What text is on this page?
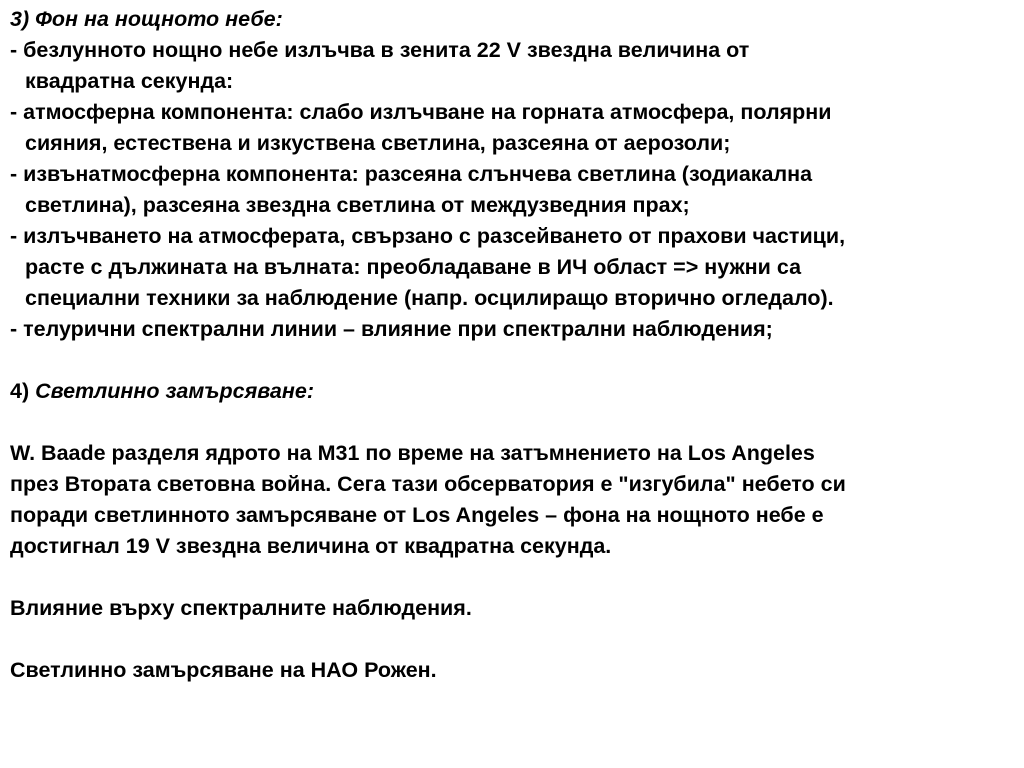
3) Фон на нощното небе:
- безлунното нощно небе излъчва в зенита 22 V звездна величина от
квадратна секунда:
- атмосферна компонента: слабо излъчване на горната атмосфера, полярни
сияния, естествена и изкуствена светлина, разсеяна от аерозоли;
- извънатмосферна компонента: разсеяна слънчева светлина (зодиакална
светлина), разсеяна звездна светлина от междузведния прах;
- излъчването на атмосферата, свързано с разсейването от прахови частици,
расте с дължината на вълната: преобладаване в ИЧ област => нужни са
специални техники за наблюдение (напр. осцилиращо вторично огледало).
- телурични спектрални линии – влияние при спектрални наблюдения;
4) Светлинно замърсяване:
W. Baade разделя ядрото на М31 по време на затъмнението на Los Angeles
през Втората световна война. Сега тази обсерватория е "изгубила" небето си
поради светлинното замърсяване от Los Angeles – фона на нощното небе е
достигнал 19 V звездна величина от квадратна секунда.
Влияние върху спектралните наблюдения.
Светлинно замърсяване на НАО Рожен.
